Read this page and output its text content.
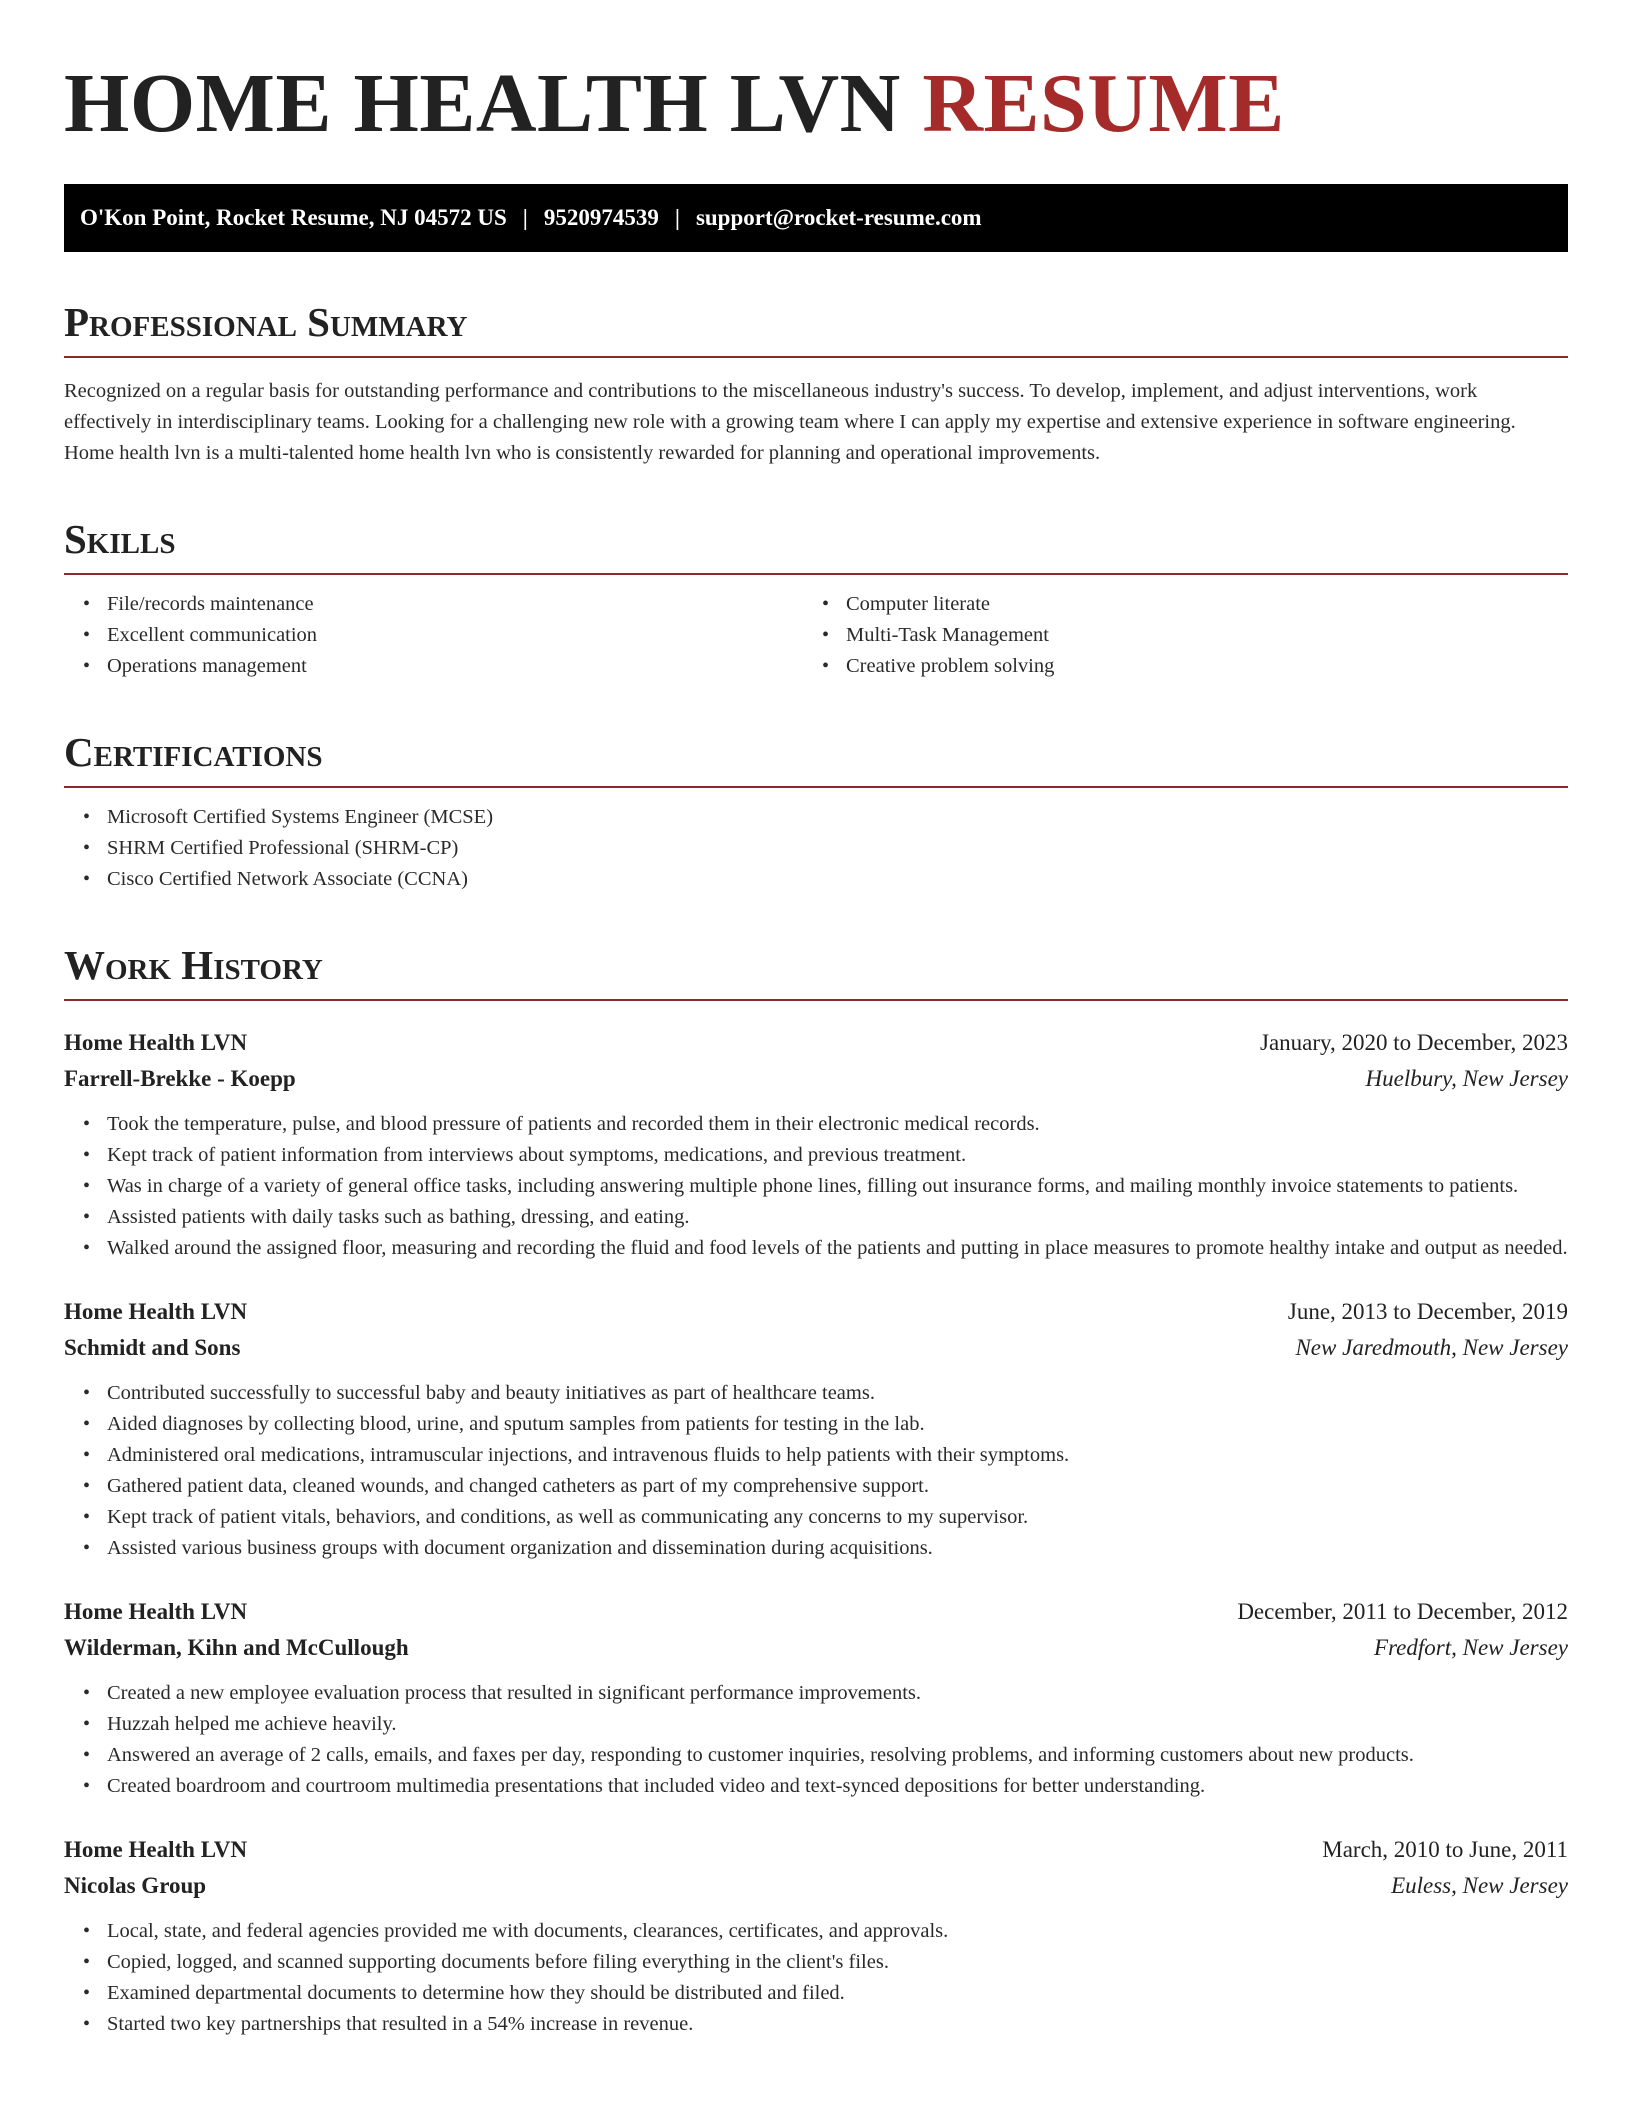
HOME HEALTH LVN RESUME
O'Kon Point, Rocket Resume, NJ 04572 US | 9520974539 | support@rocket-resume.com
Professional Summary

Recognized on a regular basis for outstanding performance and contributions to the miscellaneous industry's success. To develop, implement, and adjust interventions, work effectively in interdisciplinary teams. Looking for a challenging new role with a growing team where I can apply my expertise and extensive experience in software engineering. Home health lvn is a multi-talented home health lvn who is consistently rewarded for planning and operational improvements.

Skills
• File/records maintenance
• Excellent communication
• Operations management
• Computer literate
• Multi-Task Management
• Creative problem solving
Certifications
• Microsoft Certified Systems Engineer (MCSE)
• SHRM Certified Professional (SHRM-CP)
• Cisco Certified Network Associate (CCNA)
Work History
Home Health LVN	January, 2020 to December, 2023
Farrell-Brekke - Koepp	Huelbury, New Jersey
• Took the temperature, pulse, and blood pressure of patients and recorded them in their electronic medical records.
• Kept track of patient information from interviews about symptoms, medications, and previous treatment.
• Was in charge of a variety of general office tasks, including answering multiple phone lines, filling out insurance forms, and mailing monthly invoice statements to patients.
• Assisted patients with daily tasks such as bathing, dressing, and eating.
• Walked around the assigned floor, measuring and recording the fluid and food levels of the patients and putting in place measures to promote healthy intake and output as needed.
Home Health LVN	June, 2013 to December, 2019
Schmidt and Sons	New Jaredmouth, New Jersey
• Contributed successfully to successful baby and beauty initiatives as part of healthcare teams.
• Aided diagnoses by collecting blood, urine, and sputum samples from patients for testing in the lab.
• Administered oral medications, intramuscular injections, and intravenous fluids to help patients with their symptoms.
• Gathered patient data, cleaned wounds, and changed catheters as part of my comprehensive support.
• Kept track of patient vitals, behaviors, and conditions, as well as communicating any concerns to my supervisor.
• Assisted various business groups with document organization and dissemination during acquisitions.
Home Health LVN	December, 2011 to December, 2012
Wilderman, Kihn and McCullough	Fredfort, New Jersey
• Created a new employee evaluation process that resulted in significant performance improvements.
• Huzzah helped me achieve heavily.
• Answered an average of 2 calls, emails, and faxes per day, responding to customer inquiries, resolving problems, and informing customers about new products.
• Created boardroom and courtroom multimedia presentations that included video and text-synced depositions for better understanding.
Home Health LVN	March, 2010 to June, 2011
Nicolas Group	Euless, New Jersey
• Local, state, and federal agencies provided me with documents, clearances, certificates, and approvals.
• Copied, logged, and scanned supporting documents before filing everything in the client's files.
• Examined departmental documents to determine how they should be distributed and filed.
• Started two key partnerships that resulted in a 54% increase in revenue.
